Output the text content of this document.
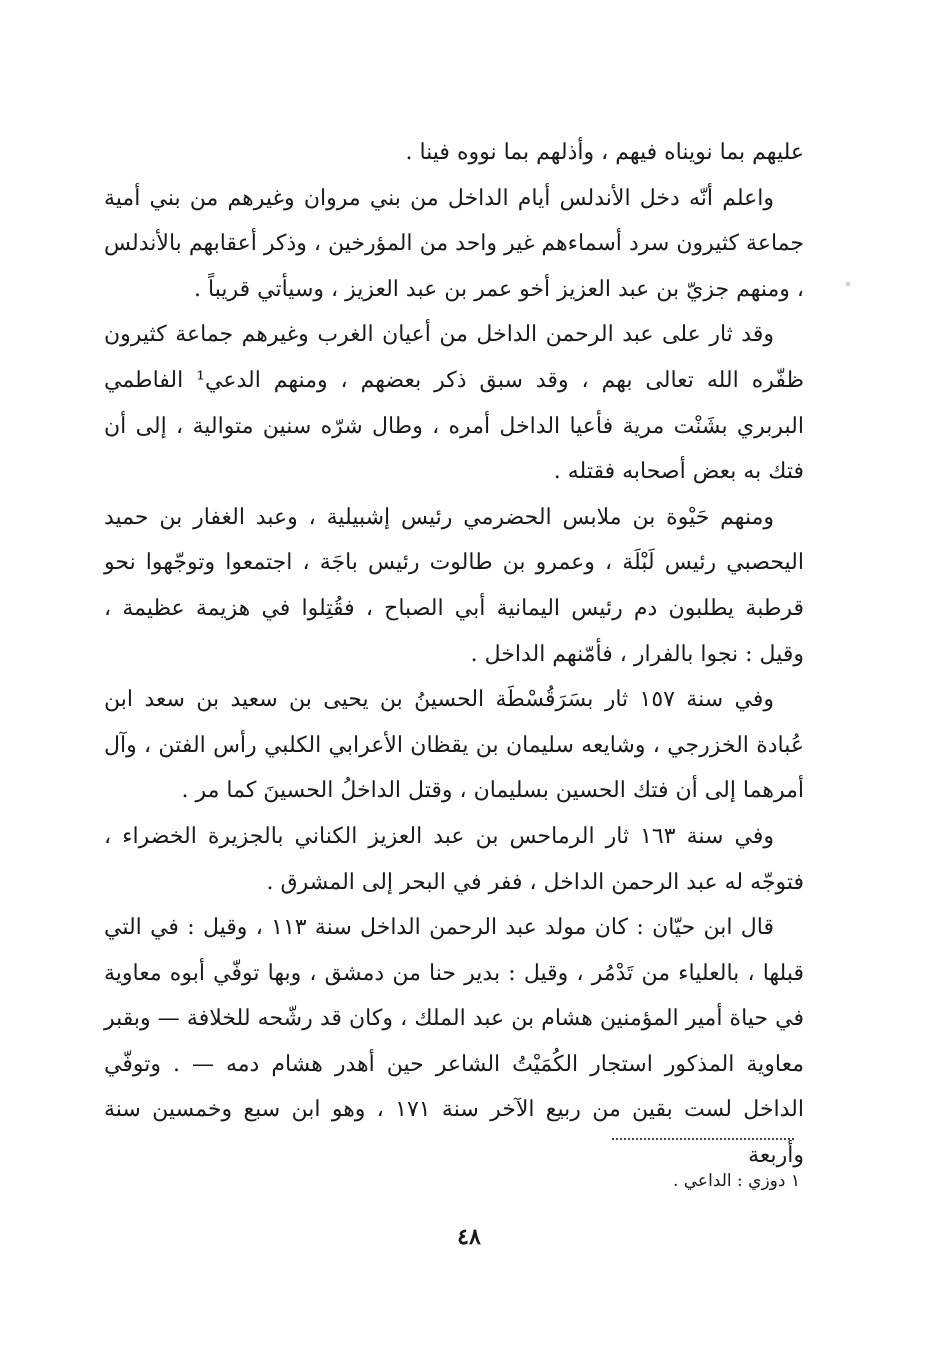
عليهم بما نويناه فيهم ، وأذلهم بما نووه فينا .

واعلم أنّه دخل الأندلس أيام الداخل من بني مروان وغيرهم من بني أمية جماعة كثيرون سرد أسماءهم غير واحد من المؤرخين ، وذكر أعقابهم بالأندلس ، ومنهم جزيّ بن عبد العزيز أخو عمر بن عبد العزيز ، وسيأتي قريباً .

وقد ثار على عبد الرحمن الداخل من أعيان الغرب وغيرهم جماعة كثيرون ظفّره الله تعالى بهم ، وقد سبق ذكر بعضهم ، ومنهم الدعي¹ الفاطمي البربري بشَنْت مرية فأعيا الداخل أمره ، وطال شرّه سنين متوالية ، إلى أن فتك به بعض أصحابه فقتله .

ومنهم حَيْوة بن ملابس الحضرمي رئيس إشبيلية ، وعبد الغفار بن حميد اليحصبي رئيس لَبْلَة ، وعمرو بن طالوت رئيس باجَة ، اجتمعوا وتوجّهوا نحو قرطبة يطلبون دم رئيس اليمانية أبي الصباح ، فقُتِلوا في هزيمة عظيمة ، وقيل : نجوا بالفرار ، فأمّنهم الداخل .

وفي سنة ١٥٧ ثار بسَرَقُسْطَة الحسينُ بن يحيى بن سعيد بن سعد ابن عُبادة الخزرجي ، وشايعه سليمان بن يقظان الأعرابي الكلبي رأس الفتن ، وآل أمرهما إلى أن فتك الحسين بسليمان ، وقتل الداخلُ الحسينَ كما مر .

وفي سنة ١٦٣ ثار الرماحس بن عبد العزيز الكناني بالجزيرة الخضراء ، فتوجّه له عبد الرحمن الداخل ، ففر في البحر إلى المشرق .

قال ابن حيّان : كان مولد عبد الرحمن الداخل سنة ١١٣ ، وقيل : في التي قبلها ، بالعلياء من تَدْمُر ، وقيل : بدير حنا من دمشق ، وبها توفّي أبوه معاوية في حياة أمير المؤمنين هشام بن عبد الملك ، وكان قد رشّحه للخلافة — وبقبر معاوية المذكور استجار الكُمَيْتُ الشاعر حين أهدر هشام دمه — . وتوفّي الداخل لست بقين من ربيع الآخر سنة ١٧١ ، وهو ابن سبع وخمسين سنة وأربعة

١ دوزي : الداعي .
٤٨
